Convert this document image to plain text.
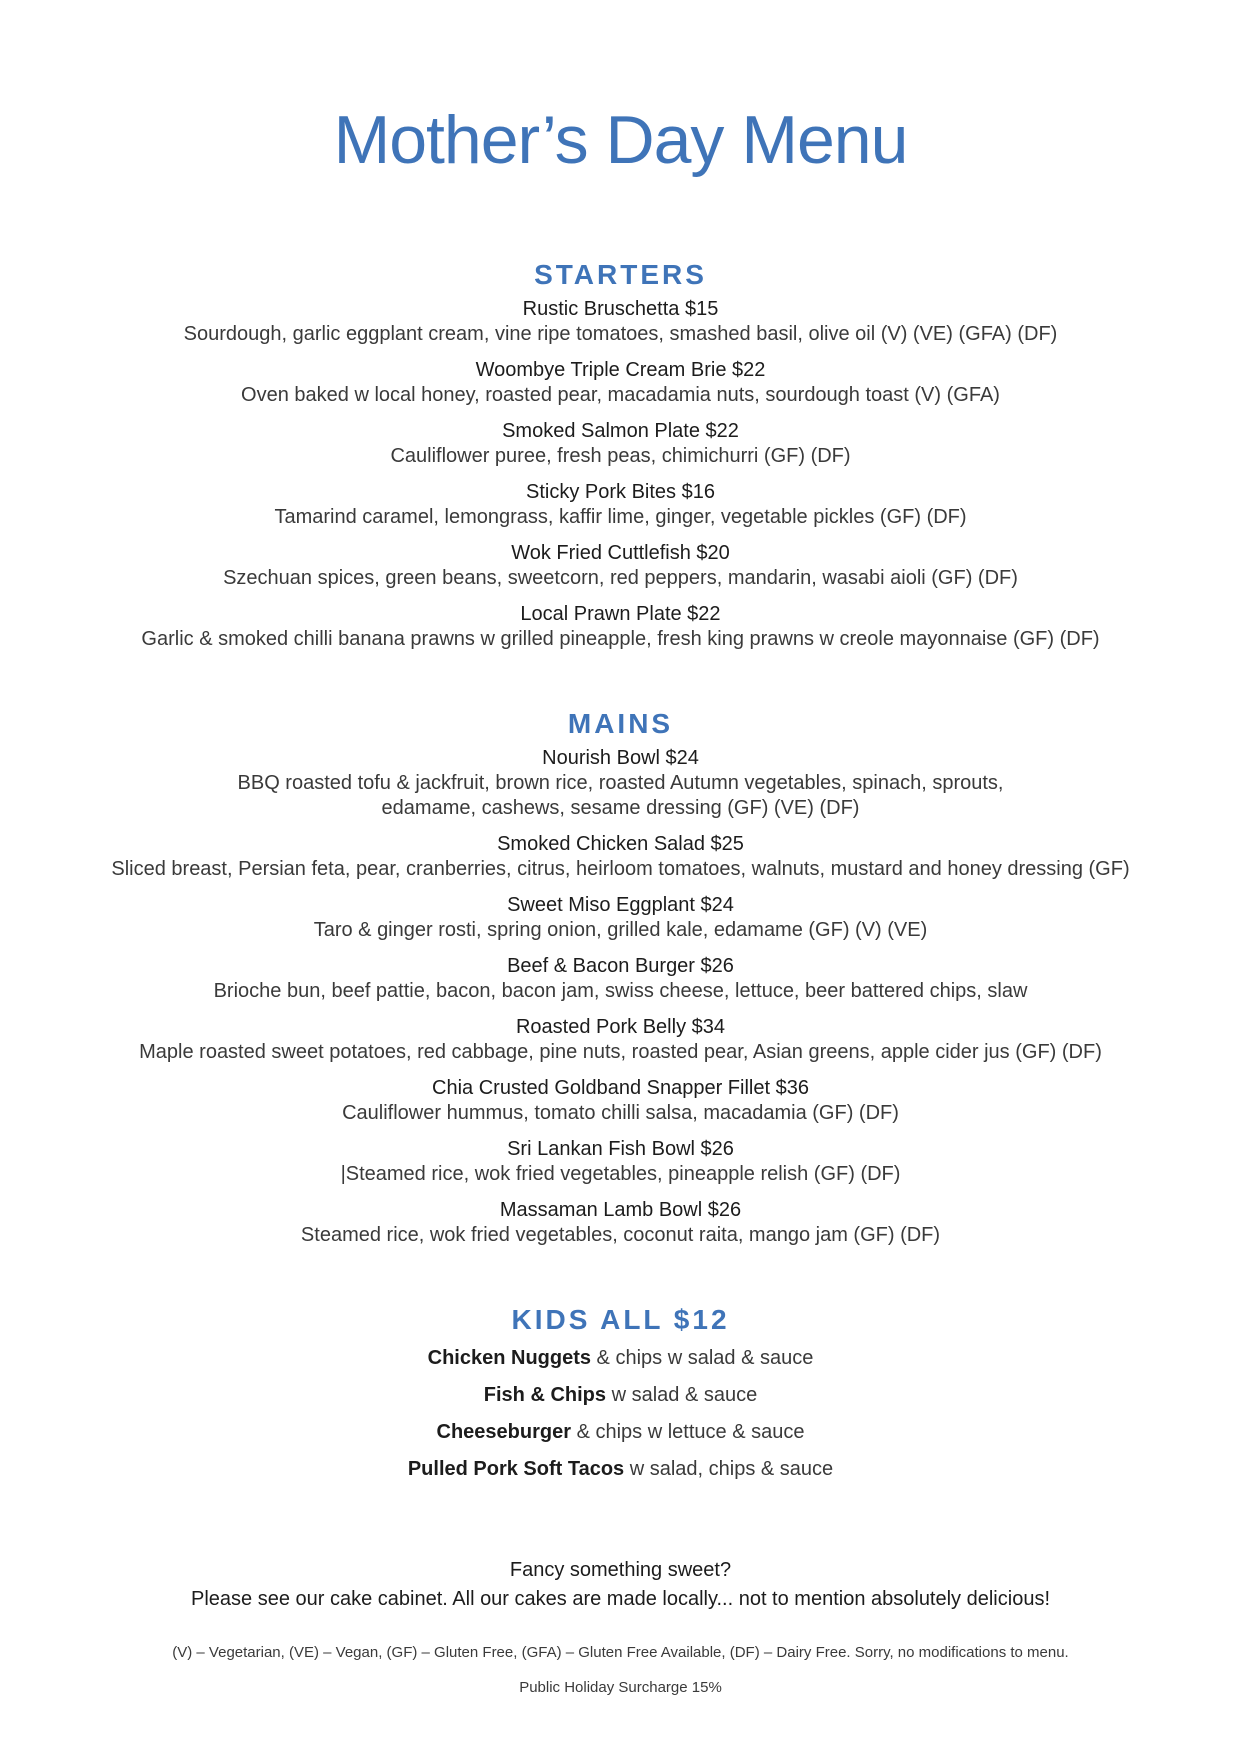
Mother’s Day Menu
STARTERS
Rustic Bruschetta $15
Sourdough, garlic eggplant cream, vine ripe tomatoes, smashed basil, olive oil (V) (VE) (GFA) (DF)
Woombye Triple Cream Brie $22
Oven baked w local honey, roasted pear, macadamia nuts, sourdough toast (V) (GFA)
Smoked Salmon Plate $22
Cauliflower puree, fresh peas, chimichurri (GF) (DF)
Sticky Pork Bites $16
Tamarind caramel, lemongrass, kaffir lime, ginger, vegetable pickles (GF) (DF)
Wok Fried Cuttlefish $20
Szechuan spices, green beans, sweetcorn, red peppers, mandarin, wasabi aioli (GF) (DF)
Local Prawn Plate $22
Garlic & smoked chilli banana prawns w grilled pineapple, fresh king prawns w creole mayonnaise (GF) (DF)
MAINS
Nourish Bowl $24
BBQ roasted tofu & jackfruit, brown rice, roasted Autumn vegetables, spinach, sprouts,
edamame, cashews, sesame dressing (GF) (VE) (DF)
Smoked Chicken Salad $25
Sliced breast, Persian feta, pear, cranberries, citrus, heirloom tomatoes, walnuts, mustard and honey dressing (GF)
Sweet Miso Eggplant $24
Taro & ginger rosti, spring onion, grilled kale, edamame (GF) (V) (VE)
Beef & Bacon Burger $26
Brioche bun, beef pattie, bacon, bacon jam, swiss cheese, lettuce, beer battered chips, slaw
Roasted Pork Belly $34
Maple roasted sweet potatoes, red cabbage, pine nuts, roasted pear, Asian greens, apple cider jus (GF) (DF)
Chia Crusted Goldband Snapper Fillet $36
Cauliflower hummus, tomato chilli salsa, macadamia (GF) (DF)
Sri Lankan Fish Bowl $26
|Steamed rice, wok fried vegetables, pineapple relish (GF) (DF)
Massaman Lamb Bowl $26
Steamed rice, wok fried vegetables, coconut raita, mango jam (GF) (DF)
KIDS ALL $12
Chicken Nuggets & chips w salad & sauce
Fish & Chips w salad & sauce
Cheeseburger & chips w lettuce & sauce
Pulled Pork Soft Tacos w salad, chips & sauce
Fancy something sweet?
Please see our cake cabinet. All our cakes are made locally... not to mention absolutely delicious!
(V) – Vegetarian, (VE) – Vegan, (GF) – Gluten Free, (GFA) – Gluten Free Available, (DF) – Dairy Free. Sorry, no modifications to menu.
Public Holiday Surcharge 15%
